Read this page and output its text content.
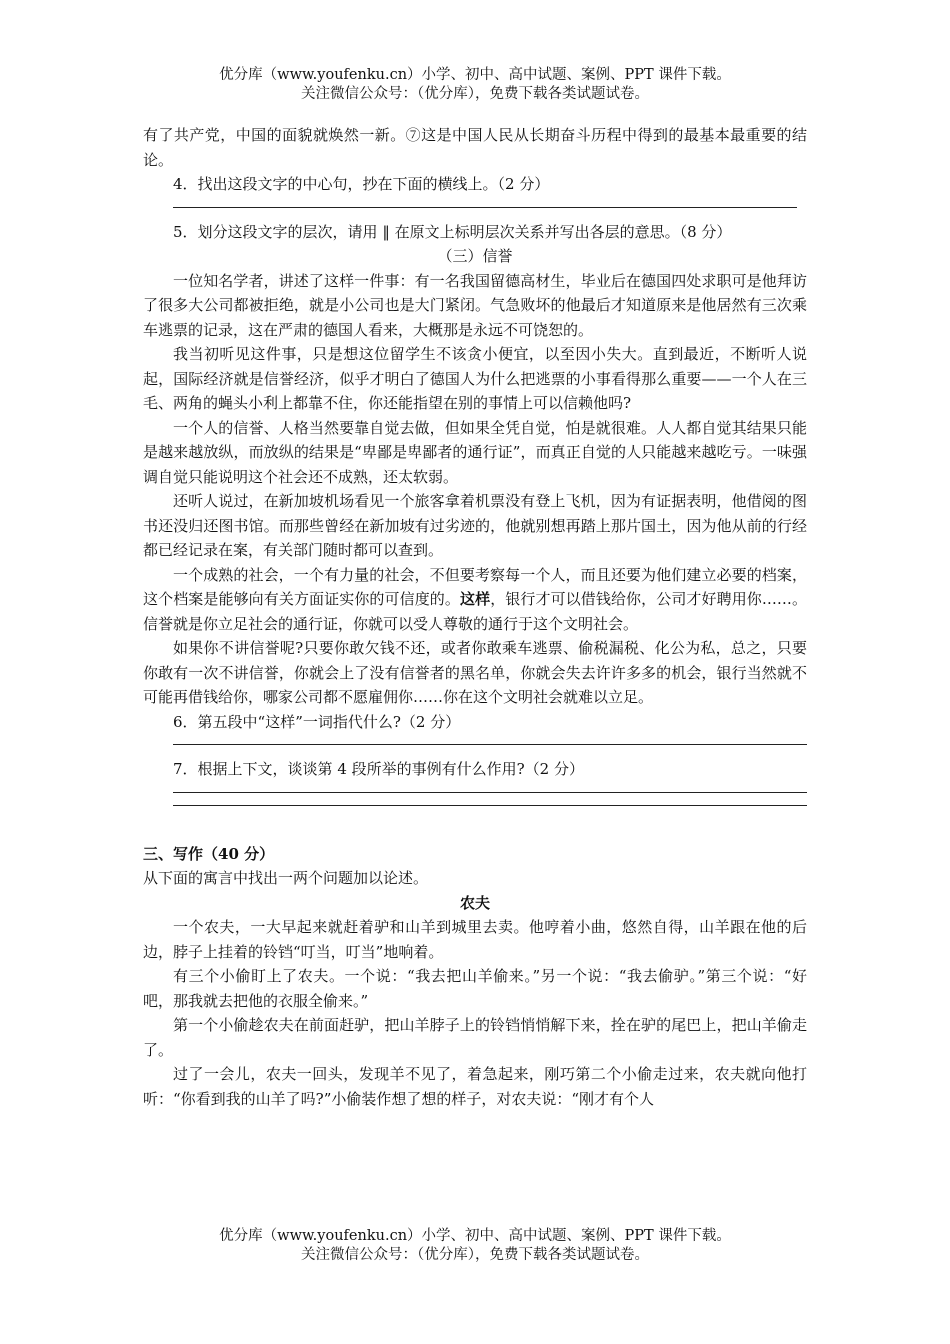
优分库（www.youfenku.cn）小学、初中、高中试题、案例、PPT 课件下载。
关注微信公众号：（优分库），免费下载各类试题试卷。

有了共产党，中国的面貌就焕然一新。⑦这是中国人民从长期奋斗历程中得到的最基本最重要的结论。

4．找出这段文字的中心句，抄在下面的横线上。（2 分）

5．划分这段文字的层次，请用 ‖ 在原文上标明层次关系并写出各层的意思。（8 分）

（三）信誉

一位知名学者，讲述了这样一件事：有一名我国留德高材生，毕业后在德国四处求职可是他拜访了很多大公司都被拒绝，就是小公司也是大门紧闭。气急败坏的他最后才知道原来是他居然有三次乘车逃票的记录，这在严肃的德国人看来，大概那是永远不可饶恕的。

我当初听见这件事，只是想这位留学生不该贪小便宜，以至因小失大。直到最近，不断听人说起，国际经济就是信誉经济，似乎才明白了德国人为什么把逃票的小事看得那么重要——一个人在三毛、两角的蝇头小利上都靠不住，你还能指望在别的事情上可以信赖他吗?

一个人的信誉、人格当然要靠自觉去做，但如果全凭自觉，怕是就很难。人人都自觉其结果只能是越来越放纵，而放纵的结果是“卑鄙是卑鄙者的通行证”，而真正自觉的人只能越来越吃亏。一味强调自觉只能说明这个社会还不成熟，还太软弱。

还听人说过，在新加坡机场看见一个旅客拿着机票没有登上飞机，因为有证据表明，他借阅的图书还没归还图书馆。而那些曾经在新加坡有过劣迹的，他就别想再踏上那片国土，因为他从前的行经都已经记录在案，有关部门随时都可以查到。

一个成熟的社会，一个有力量的社会，不但要考察每一个人，而且还要为他们建立必要的档案，这个档案是能够向有关方面证实你的可信度的。这样，银行才可以借钱给你，公司才好聘用你……。信誉就是你立足社会的通行证，你就可以受人尊敬的通行于这个文明社会。

如果你不讲信誉呢?只要你敢欠钱不还，或者你敢乘车逃票、偷税漏税、化公为私，总之，只要你敢有一次不讲信誉，你就会上了没有信誉者的黑名单，你就会失去许许多多的机会，银行当然就不可能再借钱给你，哪家公司都不愿雇佣你……你在这个文明社会就难以立足。

6．第五段中“这样”一词指代什么?（2 分）

7．根据上下文，谈谈第 4 段所举的事例有什么作用?（2 分）

三、写作（40 分）

从下面的寓言中找出一两个问题加以论述。

农夫

一个农夫，一大早起来就赶着驴和山羊到城里去卖。他哼着小曲，悠然自得，山羊跟在他的后边，脖子上挂着的铃铛“叮当，叮当”地响着。

有三个小偷盯上了农夫。一个说：“我去把山羊偷来。”另一个说：“我去偷驴。”第三个说：“好吧，那我就去把他的衣服全偷来。”

第一个小偷趁农夫在前面赶驴，把山羊脖子上的铃铛悄悄解下来，拴在驴的尾巴上，把山羊偷走了。

过了一会儿，农夫一回头，发现羊不见了，着急起来，刚巧第二个小偷走过来，农夫就向他打听：“你看到我的山羊了吗?”小偷装作想了想的样子，对农夫说：“刚才有个人

优分库（www.youfenku.cn）小学、初中、高中试题、案例、PPT 课件下载。
关注微信公众号：（优分库），免费下载各类试题试卷。
